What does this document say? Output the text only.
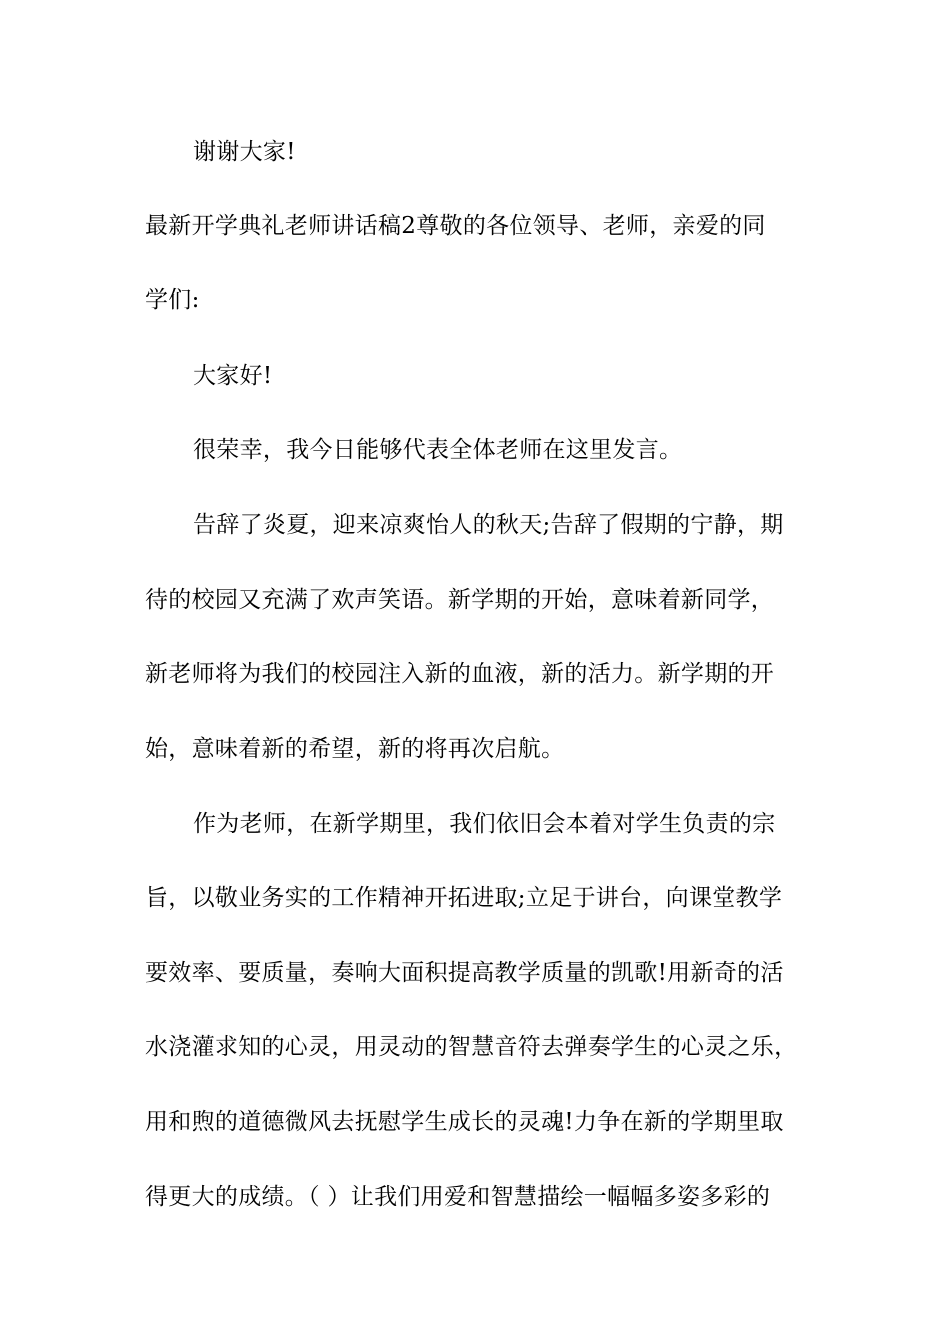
谢谢大家!
最新开学典礼老师讲话稿2尊敬的各位领导、老师，亲爱的同
学们:
大家好!
很荣幸，我今日能够代表全体老师在这里发言。
告辞了炎夏，迎来凉爽怡人的秋天;告辞了假期的宁静，期
待的校园又充满了欢声笑语。新学期的开始，意味着新同学，
新老师将为我们的校园注入新的血液，新的活力。新学期的开
始，意味着新的希望，新的将再次启航。
作为老师，在新学期里，我们依旧会本着对学生负责的宗
旨，以敬业务实的工作精神开拓进取;立足于讲台，向课堂教学
要效率、要质量，奏响大面积提高教学质量的凯歌!用新奇的活
水浇灌求知的心灵，用灵动的智慧音符去弹奏学生的心灵之乐，
用和煦的道德微风去抚慰学生成长的灵魂!力争在新的学期里取
得更大的成绩。（ ）让我们用爱和智慧描绘一幅幅多姿多彩的
